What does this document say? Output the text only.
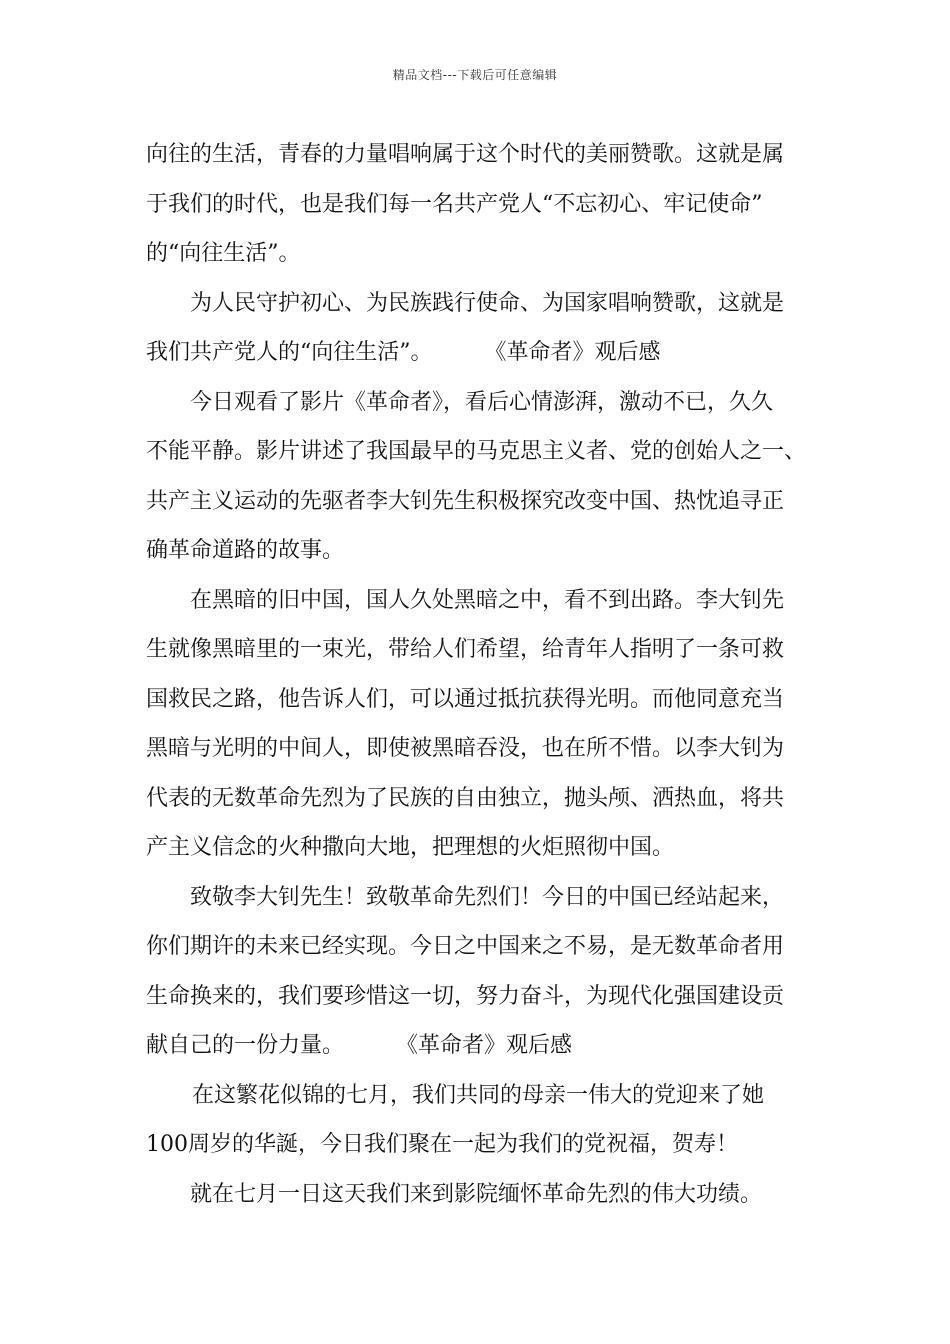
精品文档---下载后可任意编辑
向往的生活，青春的力量唱响属于这个时代的美丽赞歌。这就是属
于我们的时代，也是我们每一名共产党人“不忘初心、牢记使命”
的“向往生活”。
为人民守护初心、为民族践行使命、为国家唱响赞歌，这就是
我们共产党人的“向往生活”。 《革命者》观后感
今日观看了影片《革命者》，看后心情澎湃，激动不已，久久
不能平静。影片讲述了我国最早的马克思主义者、党的创始人之一、
共产主义运动的先驱者李大钊先生积极探究改变中国、热忱追寻正
确革命道路的故事。
在黑暗的旧中国，国人久处黑暗之中，看不到出路。李大钊先
生就像黑暗里的一束光，带给人们希望，给青年人指明了一条可救
国救民之路，他告诉人们，可以通过抵抗获得光明。而他同意充当
黑暗与光明的中间人，即使被黑暗吞没，也在所不惜。以李大钊为
代表的无数革命先烈为了民族的自由独立，抛头颅、洒热血，将共
产主义信念的火种撒向大地，把理想的火炬照彻中国。
致敬李大钊先生！致敬革命先烈们！今日的中国已经站起来，
你们期许的未来已经实现。今日之中国来之不易，是无数革命者用
生命换来的，我们要珍惜这一切，努力奋斗，为现代化强国建设贡
献自己的一份力量。 《革命者》观后感
在这繁花似锦的七月，我们共同的母亲一伟大的党迎来了她
100周岁的华誕，今日我们聚在一起为我们的党祝福，贺寿！
就在七月一日这天我们来到影院缅怀革命先烈的伟大功绩。
